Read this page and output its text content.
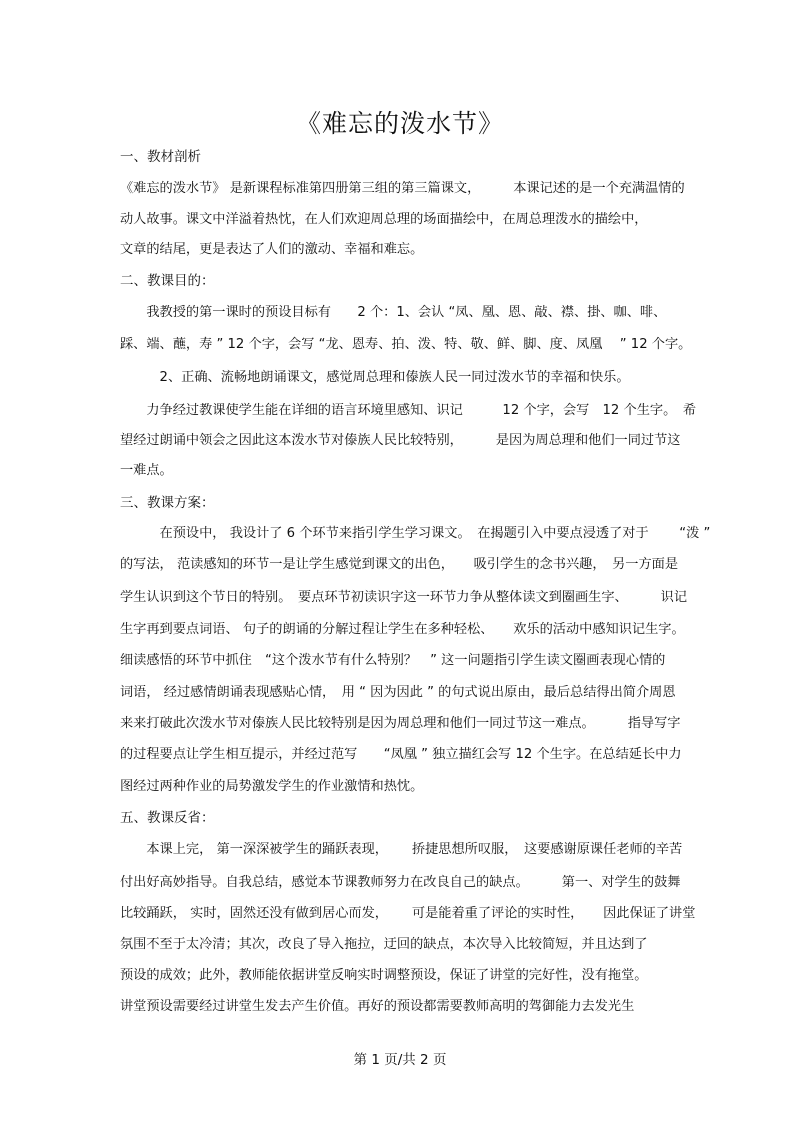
《难忘的泼水节》
一、教材剖析
《难忘的泼水节》 是新课程标准第四册第三组的第三篇课文，　　　本课记述的是一个充满温情的
动人故事。课文中洋溢着热忱，在人们欢迎周总理的场面描绘中，在周总理泼水的描绘中，
文章的结尾，更是表达了人们的激动、幸福和难忘。
二、教课目的：
　　我教授的第一课时的预设目标有　　2 个：1、会认 “凤、凰、恩、敲、襟、掛、咖、啡、
踩、端、蘸，寿 ” 12 个字，会写 “龙、恩寿、拍、泼、特、敬、鲜、脚、度、凤凰　 ” 12 个字。
　　　2、正确、流畅地朗诵课文，感觉周总理和傣族人民一同过泼水节的幸福和快乐。
　　力争经过教课使学生能在详细的语言环境里感知、识记　　　12 个字，会写　12 个生字。　希
望经过朗诵中领会之因此这本泼水节对傣族人民比较特别，　　　是因为周总理和他们一同过节这
一难点。
三、教课方案：
　　　在预设中， 我设计了 6 个环节来指引学生学习课文。　在揭题引入中要点浸透了对于　　 “泼 ”
的写法， 范读感知的环节一是让学生感觉到课文的出色，　　吸引学生的念书兴趣，　另一方面是
学生认识到这个节日的特别。　要点环节初读识字这一环节力争从整体读文到圈画生字、　　　识记
生字再到要点词语、 句子的朗诵的分解过程让学生在多种轻松、　　欢乐的活动中感知识记生字。
细读感悟的环节中抓住　“这个泼水节有什么特别？　” 这一问题指引学生读文圈画表现心情的
词语， 经过感情朗诵表现感贴心情，　用 “ 因为因此 ” 的句式说出原由，最后总结得出简介周恩
来来打破此次泼水节对傣族人民比较特别是因为周总理和他们一同过节这一难点。　　　指导写字
的过程要点让学生相互提示，并经过范写　　“凤凰 ” 独立描红会写 12 个生字。在总结延长中力
图经过两种作业的局势激发学生的作业激情和热忱。
五、教课反省：
　　本课上完， 第一深深被学生的踊跃表现，　　 挢捷思想所叹服，　这要感谢原课任老师的辛苦
付出好高妙指导。自我总结，感觉本节课教师努力在改良自己的缺点。　　　第一、对学生的鼓舞
比较踊跃， 实时，固然还没有做到居心而发，　　 可是能着重了评论的实时性，　　因此保证了讲堂
氛围不至于太冷清；其次，改良了导入拖拉，迂回的缺点，本次导入比较简短，并且达到了
预设的成效；此外，教师能依据讲堂反响实时调整预设，保证了讲堂的完好性，没有拖堂。
讲堂预设需要经过讲堂生发去产生价值。再好的预设都需要教师高明的驾御能力去发光生
第 1 页/共 2 页
